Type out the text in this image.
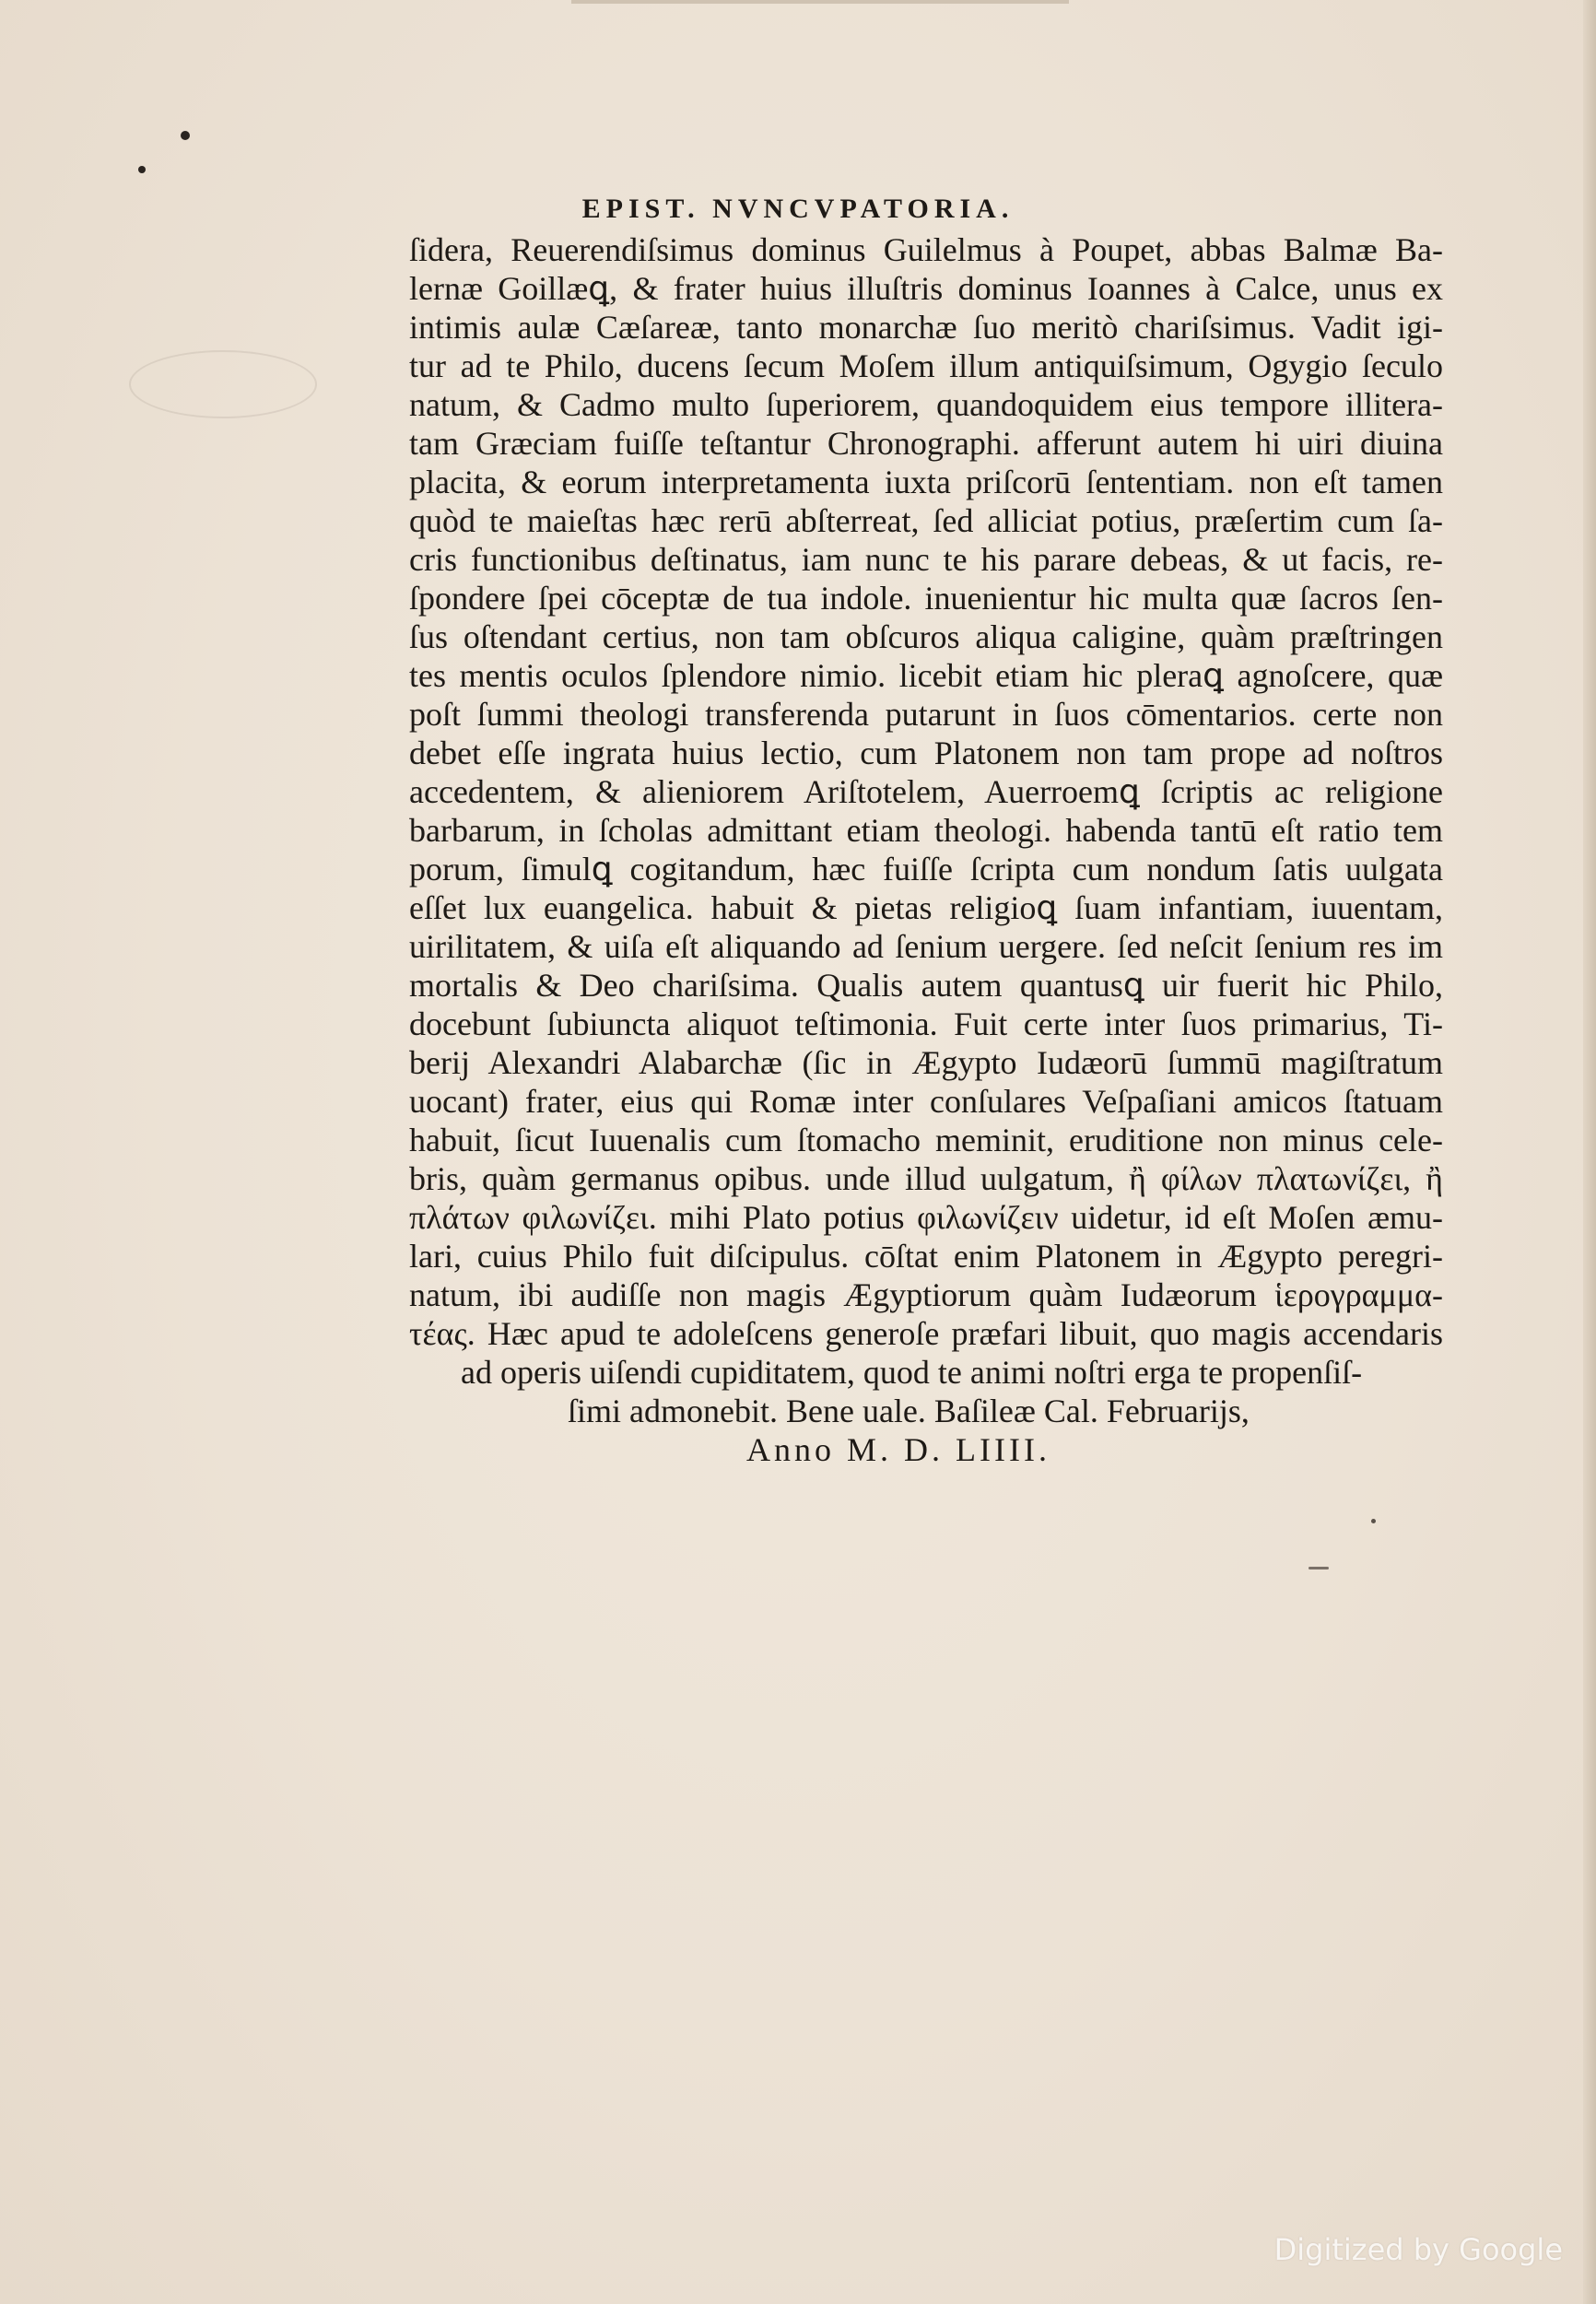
EPIST. NVNCVPATORIA.
ſidera, Reuerendiſsimus dominus Guilelmus à Poupet, abbas Balmæ Ba-
lernæ Goillæꝗ, & frater huius illuſtris dominus Ioannes à Calce, unus ex
intimis aulæ Cæſareæ, tanto monarchæ ſuo meritò chariſsimus. Vadit igi-
tur ad te Philo, ducens ſecum Moſem illum antiquiſsimum, Ogygio ſeculo
natum, & Cadmo multo ſuperiorem, quandoquidem eius tempore illitera-
tam Græciam fuiſſe teſtantur Chronographi. afferunt autem hi uiri diuina
placita, & eorum interpretamenta iuxta priſcorū ſententiam. non eſt tamen
quòd te maieſtas hæc rerū abſterreat, ſed alliciat potius, præſertim cum ſa-
cris functionibus deſtinatus, iam nunc te his parare debeas, & ut facis, re-
ſpondere ſpei cōceptæ de tua indole. inuenientur hic multa quæ ſacros ſen-
ſus oſtendant certius, non tam obſcuros aliqua caligine, quàm præſtringen
tes mentis oculos ſplendore nimio. licebit etiam hic pleraꝗ agnoſcere, quæ
poſt ſummi theologi transferenda putarunt in ſuos cōmentarios. certe non
debet eſſe ingrata huius lectio, cum Platonem non tam prope ad noſtros
accedentem, & alieniorem Ariſtotelem, Auerroemꝗ ſcriptis ac religione
barbarum, in ſcholas admittant etiam theologi. habenda tantū eſt ratio tem
porum, ſimulꝗ cogitandum, hæc fuiſſe ſcripta cum nondum ſatis uulgata
eſſet lux euangelica. habuit & pietas religioꝗ ſuam infantiam, iuuentam,
uirilitatem, & uiſa eſt aliquando ad ſenium uergere. ſed neſcit ſenium res im
mortalis & Deo chariſsima. Qualis autem quantusꝗ uir fuerit hic Philo,
docebunt ſubiuncta aliquot teſtimonia. Fuit certe inter ſuos primarius, Ti-
berij Alexandri Alabarchæ (ſic in Ægypto Iudæorū ſummū magiſtratum
uocant) frater, eius qui Romæ inter conſulares Veſpaſiani amicos ſtatuam
habuit, ſicut Iuuenalis cum ſtomacho meminit, eruditione non minus cele-
bris, quàm germanus opibus. unde illud uulgatum, ἢ φίλων πλατωνίζει, ἢ
πλάτων φιλωνίζει. mihi Plato potius φιλωνίζειν uidetur, id eſt Moſen æmu-
lari, cuius Philo fuit diſcipulus. cōſtat enim Platonem in Ægypto peregri-
natum, ibi audiſſe non magis Ægyptiorum quàm Iudæorum ἱερογραμμα-
τέας. Hæc apud te adoleſcens generoſe præfari libuit, quo magis accendaris
ad operis uiſendi cupiditatem, quod te animi noſtri erga te propenſiſ-
ſimi admonebit. Bene uale. Baſileæ Cal. Februarijs,
Anno M. D. LIIII.
Digitized by Google
